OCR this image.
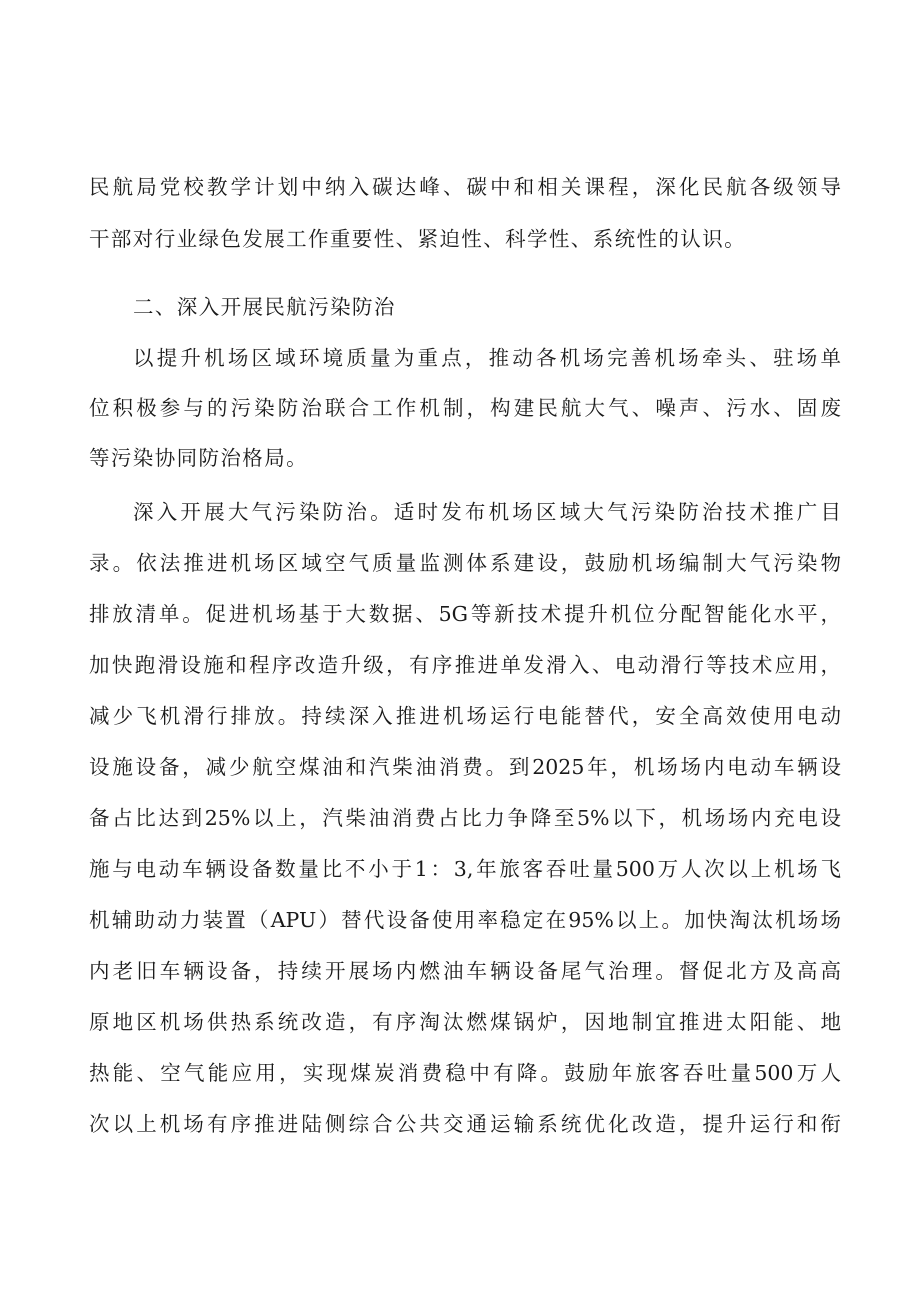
民航局党校教学计划中纳入碳达峰、碳中和相关课程，深化民航各级领导
干部对行业绿色发展工作重要性、紧迫性、科学性、系统性的认识。
二、深入开展民航污染防治
以提升机场区域环境质量为重点，推动各机场完善机场牵头、驻场单
位积极参与的污染防治联合工作机制，构建民航大气、噪声、污水、固废
等污染协同防治格局。
深入开展大气污染防治。适时发布机场区域大气污染防治技术推广目
录。依法推进机场区域空气质量监测体系建设，鼓励机场编制大气污染物
排放清单。促进机场基于大数据、5G等新技术提升机位分配智能化水平，
加快跑滑设施和程序改造升级，有序推进单发滑入、电动滑行等技术应用，
减少飞机滑行排放。持续深入推进机场运行电能替代，安全高效使用电动
设施设备，减少航空煤油和汽柴油消费。到2025年，机场场内电动车辆设
备占比达到25%以上，汽柴油消费占比力争降至5%以下，机场场内充电设
施与电动车辆设备数量比不小于1：3,年旅客吞吐量500万人次以上机场飞
机辅助动力装置（APU）替代设备使用率稳定在95%以上。加快淘汰机场场
内老旧车辆设备，持续开展场内燃油车辆设备尾气治理。督促北方及高高
原地区机场供热系统改造，有序淘汰燃煤锅炉，因地制宜推进太阳能、地
热能、空气能应用，实现煤炭消费稳中有降。鼓励年旅客吞吐量500万人
次以上机场有序推进陆侧综合公共交通运输系统优化改造，提升运行和衔
